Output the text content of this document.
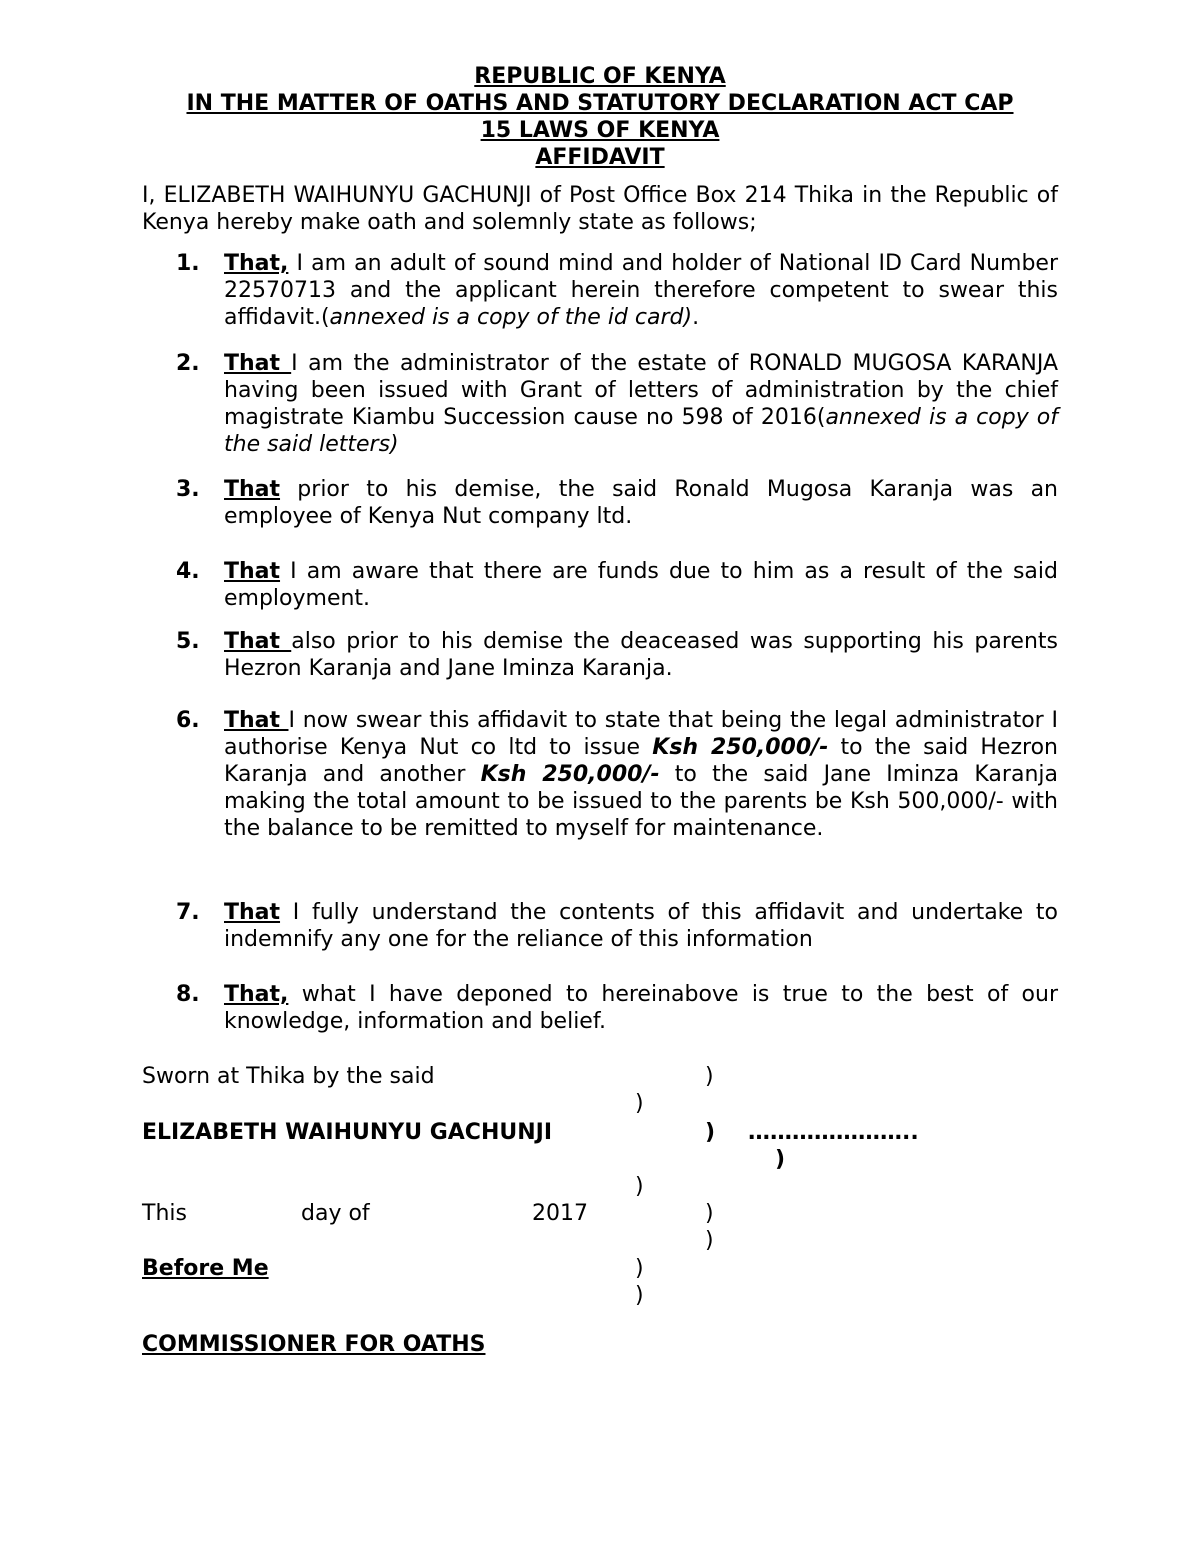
REPUBLIC OF KENYA
IN THE MATTER OF OATHS AND STATUTORY DECLARATION ACT CAP
15 LAWS OF KENYA
AFFIDAVIT
I, ELIZABETH WAIHUNYU GACHUNJI of Post Office Box 214 Thika in the Republic of Kenya hereby make oath and solemnly state as follows;
1. That, I am an adult of sound mind and holder of National ID Card Number 22570713 and the applicant herein therefore competent to swear this affidavit.(annexed is a copy of the id card).
2. That I am the administrator of the estate of RONALD MUGOSA KARANJA having been issued with Grant of letters of administration by the chief magistrate Kiambu Succession cause no 598 of 2016(annexed is a copy of the said letters)
3. That prior to his demise, the said Ronald Mugosa Karanja was an employee of Kenya Nut company ltd.
4. That I am aware that there are funds due to him as a result of the said employment.
5. That also prior to his demise the deaceased was supporting his parents Hezron Karanja and Jane Iminza Karanja.
6. That I now swear this affidavit to state that being the legal administrator I authorise Kenya Nut co ltd to issue Ksh 250,000/- to the said Hezron Karanja and another Ksh 250,000/- to the said Jane Iminza Karanja making the total amount to be issued to the parents be Ksh 500,000/- with the balance to be remitted to myself for maintenance.
7. That I fully understand the contents of this affidavit and undertake to indemnify any one for the reliance of this information
8. That, what I have deponed to hereinabove is true to the best of our knowledge, information and belief.
Sworn at Thika by the said	)
)
ELIZABETH WAIHUNYU GACHUNJI	) …………………..
)
)
This	day of	2017	)
)
Before Me	)
)
COMMISSIONER FOR OATHS
